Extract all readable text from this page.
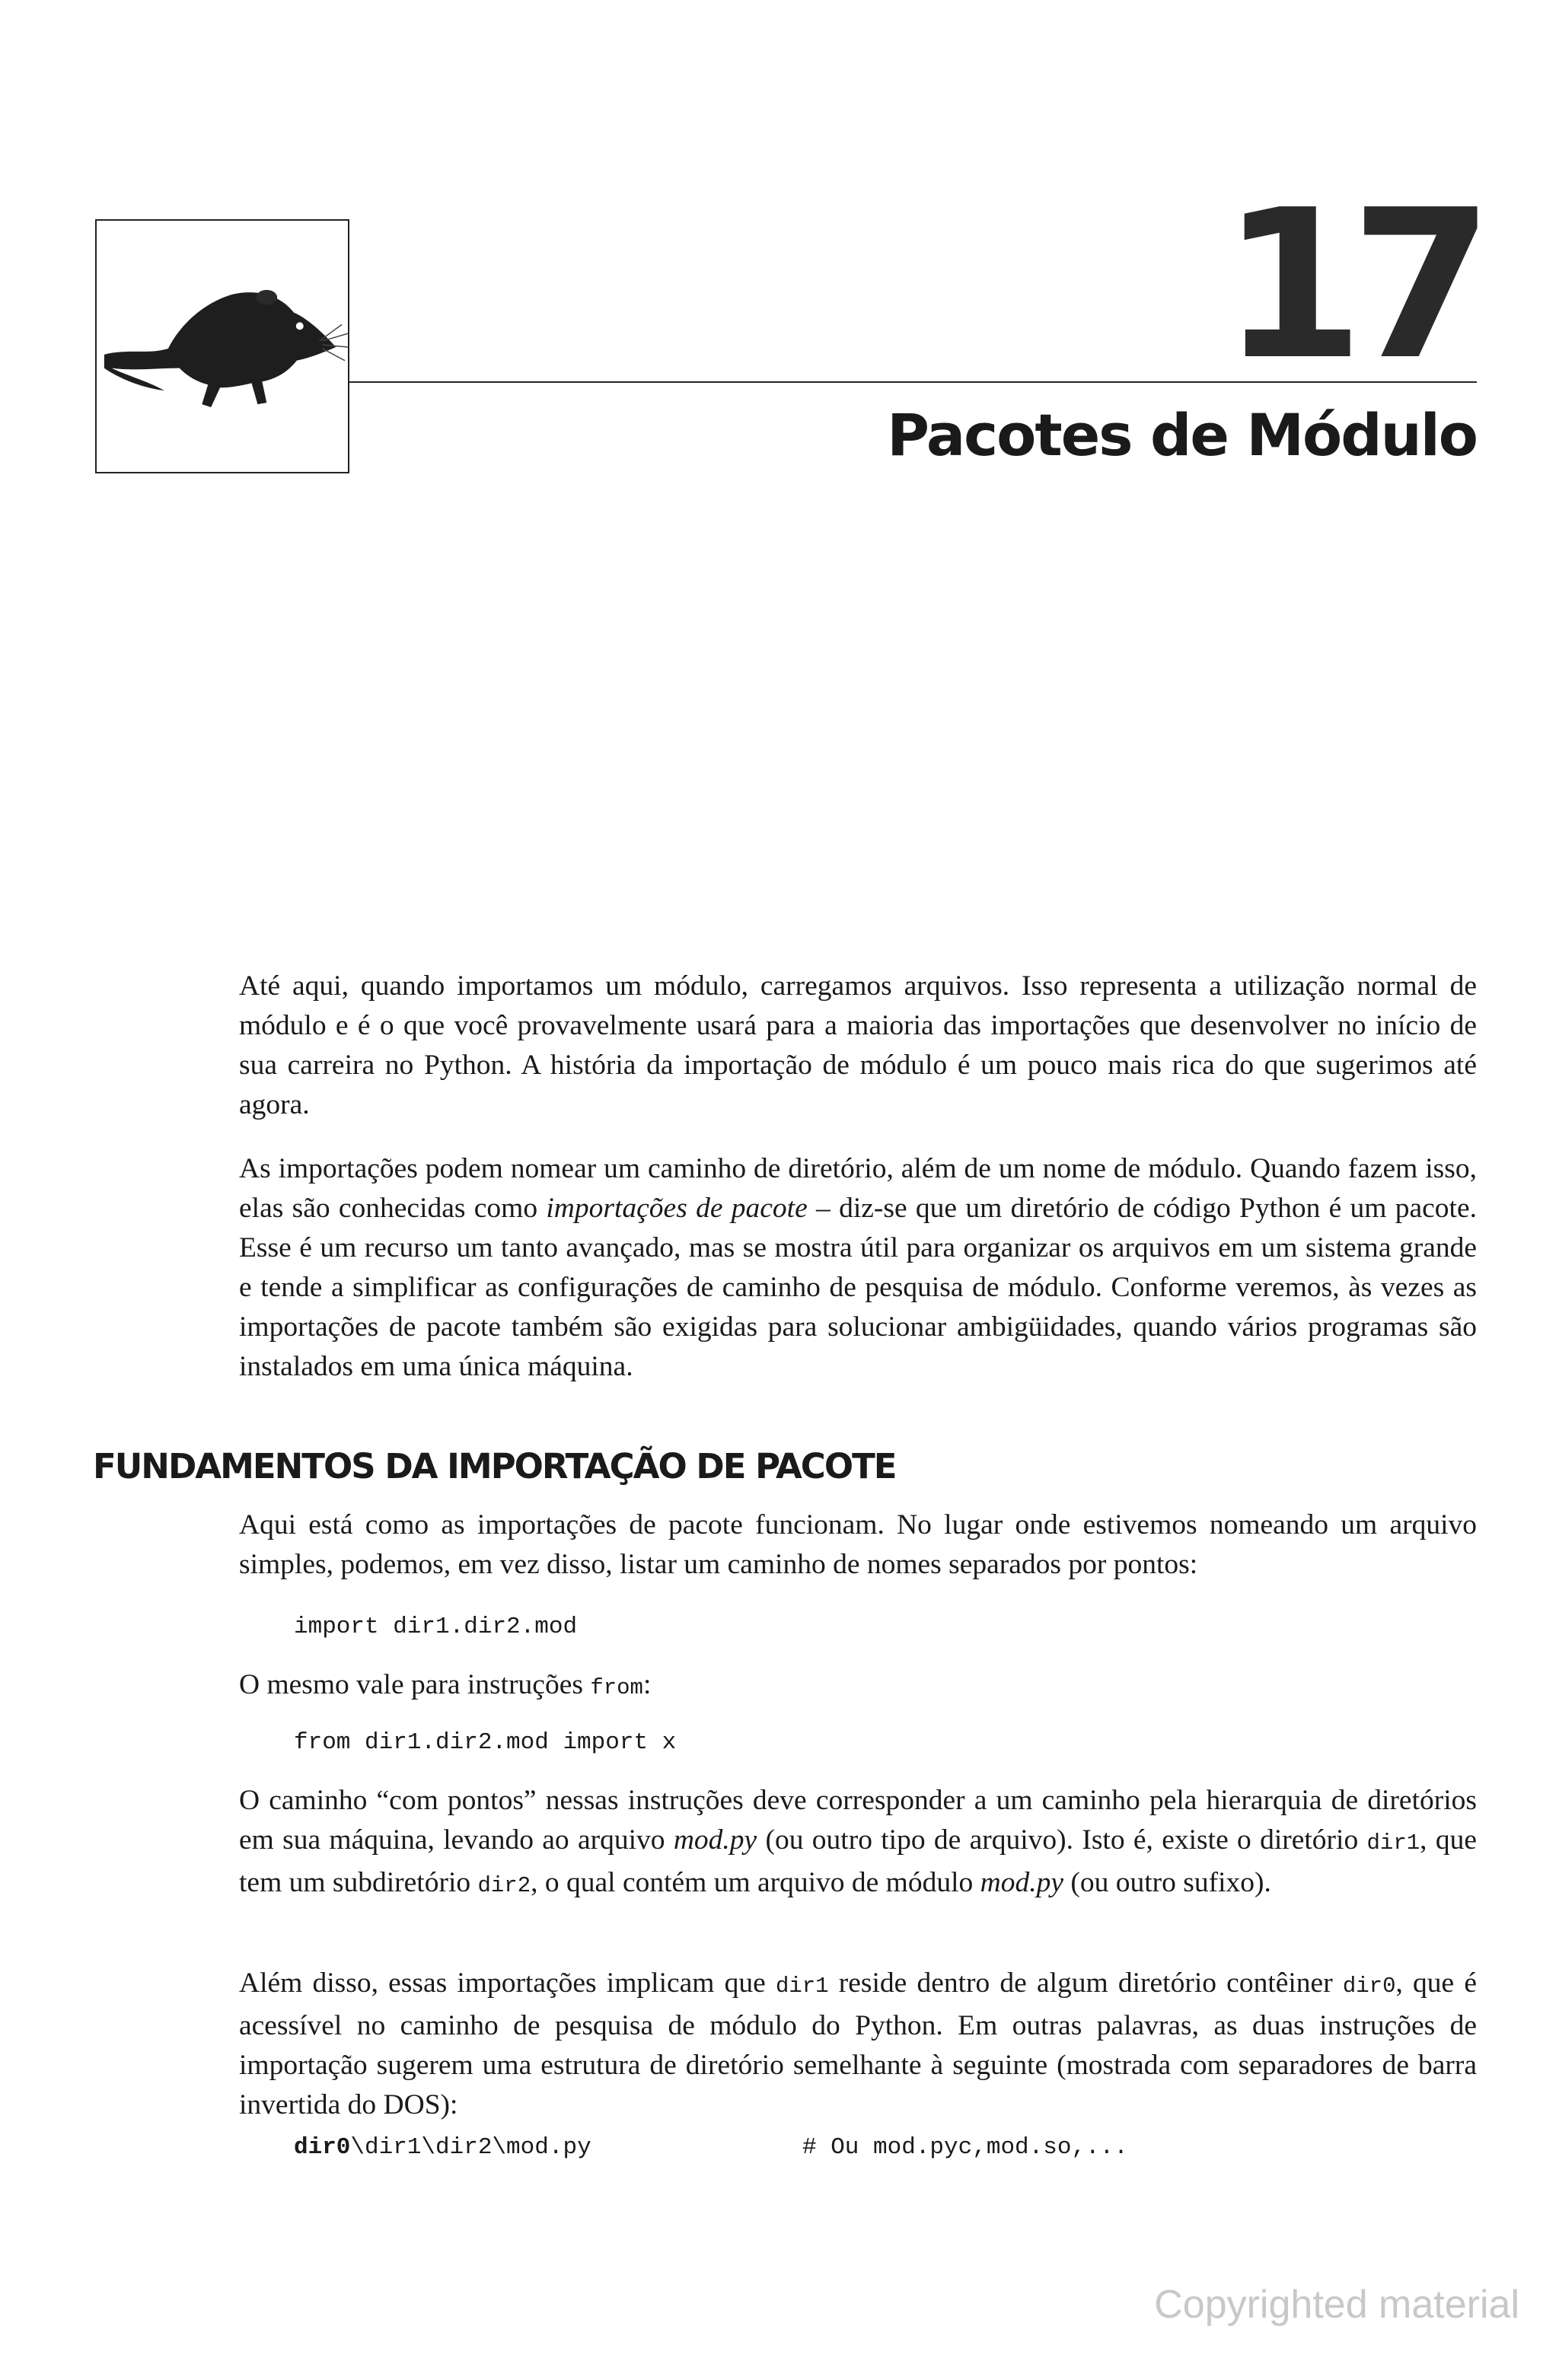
17
Pacotes de Módulo

Até aqui, quando importamos um módulo, carregamos arquivos. Isso representa a utilização normal de módulo e é o que você provavelmente usará para a maioria das importações que desenvolver no início de sua carreira no Python. A história da importação de módulo é um pouco mais rica do que sugerimos até agora.

As importações podem nomear um caminho de diretório, além de um nome de módulo. Quando fazem isso, elas são conhecidas como importações de pacote – diz-se que um diretório de código Python é um pacote. Esse é um recurso um tanto avançado, mas se mostra útil para organizar os arquivos em um sistema grande e tende a simplificar as configurações de caminho de pesquisa de módulo. Conforme veremos, às vezes as importações de pacote também são exigidas para solucionar ambigüidades, quando vários programas são instalados em uma única máquina.

FUNDAMENTOS DA IMPORTAÇÃO DE PACOTE

Aqui está como as importações de pacote funcionam. No lugar onde estivemos nomeando um arquivo simples, podemos, em vez disso, listar um caminho de nomes separados por pontos:

import dir1.dir2.mod

O mesmo vale para instruções from:

from dir1.dir2.mod import x

O caminho “com pontos” nessas instruções deve corresponder a um caminho pela hierarquia de diretórios em sua máquina, levando ao arquivo mod.py (ou outro tipo de arquivo). Isto é, existe o diretório dir1, que tem um subdiretório dir2, o qual contém um arquivo de módulo mod.py (ou outro sufixo).

Além disso, essas importações implicam que dir1 reside dentro de algum diretório contêiner dir0, que é acessível no caminho de pesquisa de módulo do Python. Em outras palavras, as duas instruções de importação sugerem uma estrutura de diretório semelhante à seguinte (mostrada com separadores de barra invertida do DOS):

dir0\dir1\dir2\mod.py	# Ou mod.pyc,mod.so,...
Copyrighted material
